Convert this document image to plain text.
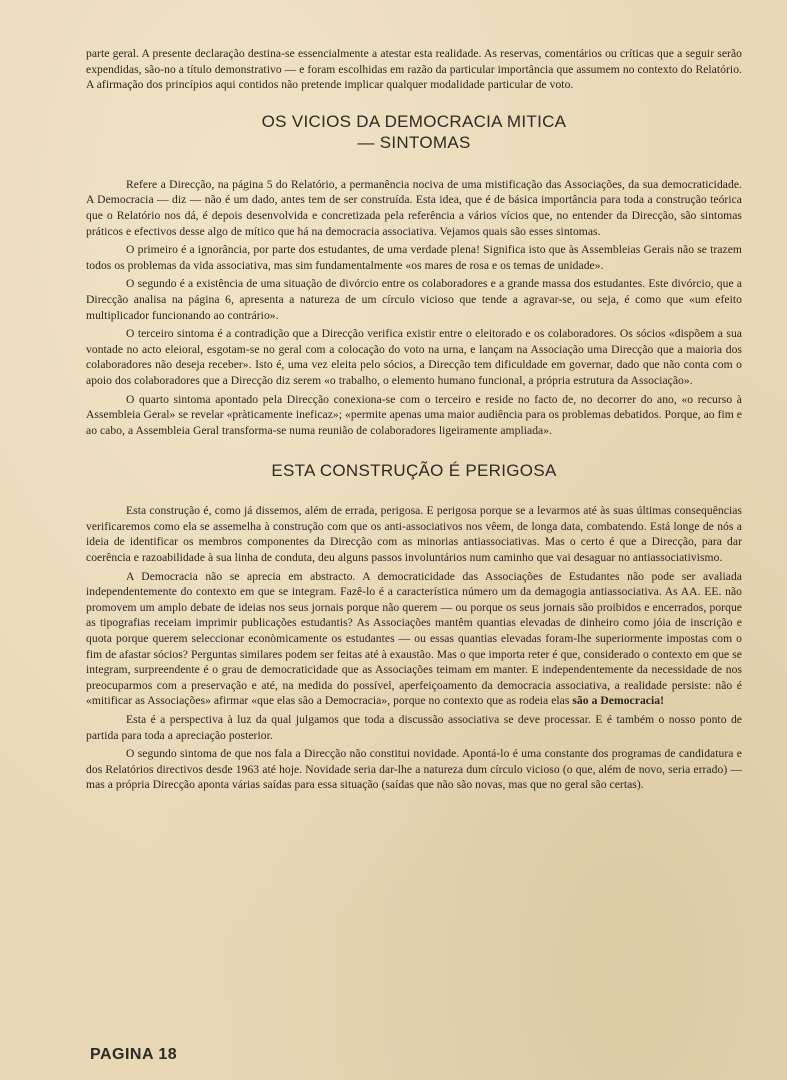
parte geral. A presente declaração destina-se essencialmente a atestar esta realidade. As reservas, comentários ou críticas que a seguir serão expendidas, são-no a título demonstrativo — e foram escolhidas em razão da particular importância que assumem no contexto do Relatório. A afirmação dos princípios aqui contidos não pretende implicar qualquer modalidade particular de voto.

OS VICIOS DA DEMOCRACIA MITICA
— SINTOMAS

Refere a Direcção, na página 5 do Relatório, a permanência nociva de uma mistificação das Associações, da sua democraticidade. A Democracia — diz — não é um dado, antes tem de ser construída. Esta idea, que é de básica importância para toda a construção teórica que o Relatório nos dá, é depois desenvolvida e concretizada pela referência a vários vícios que, no entender da Direcção, são sintomas práticos e efectivos desse algo de mítico que há na democracia associativa. Vejamos quais são esses sintomas.

O primeiro é a ignorância, por parte dos estudantes, de uma verdade plena! Significa isto que às Assembleias Gerais não se trazem todos os problemas da vida associativa, mas sim fundamentalmente «os mares de rosa e os temas de unidade».

O segundo é a existência de uma situação de divórcio entre os colaboradores e a grande massa dos estudantes. Este divórcio, que a Direcção analisa na página 6, apresenta a natureza de um círculo vicioso que tende a agravar-se, ou seja, é como que «um efeito multiplicador funcionando ao contrário».

O terceiro sintoma é a contradição que a Direcção verifica existir entre o eleitorado e os colaboradores. Os sócios «dispõem a sua vontade no acto eleioral, esgotam-se no geral com a colocação do voto na urna, e lançam na Associação uma Direcção que a maioria dos colaboradores não deseja receber». Isto é, uma vez eleita pelo sócios, a Direcção tem dificuldade em governar, dado que não conta com o apoio dos colaboradores que a Direcção diz serem «o trabalho, o elemento humano funcional, a própria estrutura da Associação».

O quarto sintoma apontado pela Direcção conexiona-se com o terceiro e reside no facto de, no decorrer do ano, «o recurso à Assembleia Geral» se revelar «pràticamente ineficaz»; «permite apenas uma maior audiência para os problemas debatidos. Porque, ao fim e ao cabo, a Assembleia Geral transforma-se numa reunião de colaboradores ligeiramente ampliada».

ESTA CONSTRUÇÃO É PERIGOSA

Esta construção é, como já dissemos, além de errada, perigosa. E perigosa porque se a levarmos até às suas últimas consequências verificaremos como ela se assemelha à construção com que os anti-associativos nos vêem, de longa data, combatendo. Está longe de nós a ideia de identificar os membros componentes da Direcção com as minorias antiassociativas. Mas o certo é que a Direcção, para dar coerência e razoabilidade à sua linha de conduta, deu alguns passos involuntários num caminho que vai desaguar no antiassociativismo.

A Democracia não se aprecia em abstracto. A democraticidade das Associações de Estudantes não pode ser avaliada independentemente do contexto em que se integram. Fazê-lo é a característica número um da demagogia antiassociativa. As AA. EE. não promovem um amplo debate de ideias nos seus jornais porque não querem — ou porque os seus jornais são proibidos e encerrados, porque as tipografias receiam imprimir publicações estudantis? As Associações mantêm quantias elevadas de dinheiro como jóia de inscrição e quota porque querem seleccionar econòmicamente os estudantes — ou essas quantias elevadas foram-lhe superiormente impostas com o fim de afastar sócios? Perguntas similares podem ser feitas até à exaustão. Mas o que importa reter é que, considerado o contexto em que se integram, surpreendente é o grau de democraticidade que as Associações teimam em manter. E independentemente da necessidade de nos preocuparmos com a preservação e até, na medida do possível, aperfeiçoamento da democracia associativa, a realidade persiste: não é «mitificar as Associações» afirmar «que elas são a Democracia», porque no contexto que as rodeia elas são a Democracia!

Esta é a perspectiva à luz da qual julgamos que toda a discussão associativa se deve processar. E é também o nosso ponto de partida para toda a apreciação posterior.

O segundo sintoma de que nos fala a Direcção não constitui novidade. Apontá-lo é uma constante dos programas de candidatura e dos Relatórios directivos desde 1963 até hoje. Novidade seria dar-lhe a natureza dum círculo vicioso (o que, além de novo, seria errado) — mas a própria Direcção aponta várias saídas para essa situação (saídas que não são novas, mas que no geral são certas).

PAGINA 18
